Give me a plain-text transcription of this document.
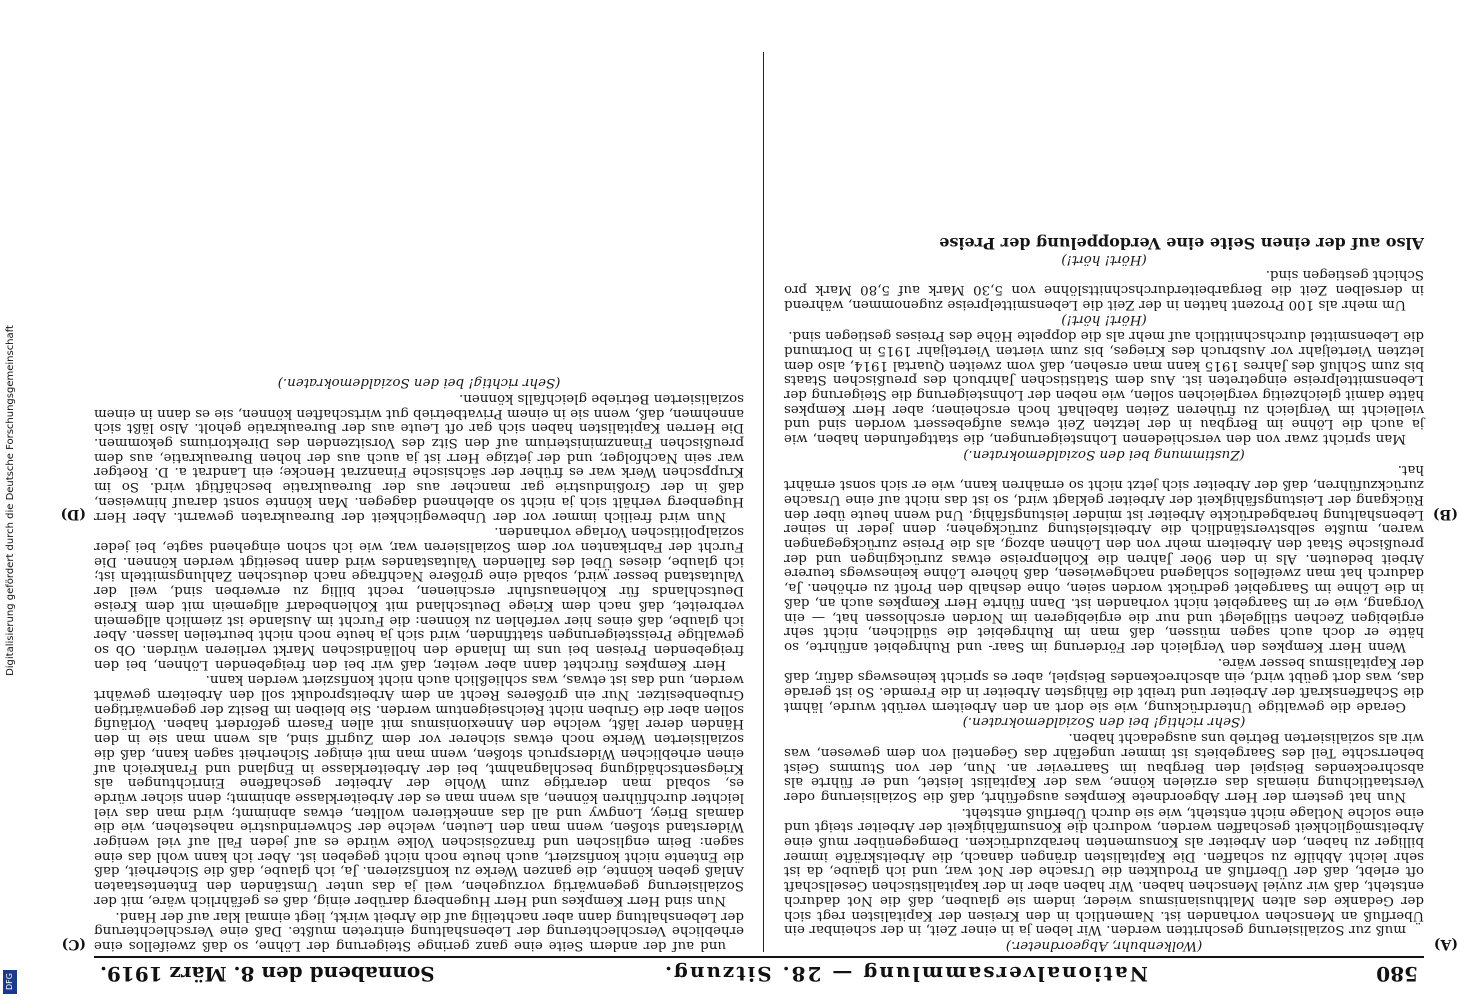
580
Nationalversammlung — 28. Sitzung.
Sonnabend den 8. März 1919.
(A)
(B)
(C)
(D)

(Wolkenbuhr, Abgeordneter.)

muß zur Sozialisierung geschritten werden. Wir leben ja in einer Zeit, in der scheinbar ein Überfluß an Menschen vorhanden ist. Namentlich in den Kreisen der Kapitalisten regt sich der Gedanke des alten Malthusianismus wieder, indem sie glauben, daß die Not dadurch entsteht, daß wir zuviel Menschen haben. Wir haben aber in der kapitalistischen Gesellschaft oft erlebt, daß der Überfluß an Produkten die Ursache der Not war, und ich glaube, da ist sehr leicht Abhilfe zu schaffen. Die Kapitalisten drängen danach, die Arbeitskräfte immer billiger zu haben, den Arbeiter als Konsumenten herabzudrücken. Demgegenüber muß eine Arbeitsmöglichkeit geschaffen werden, wodurch die Konsumfähigkeit der Arbeiter steigt und eine solche Notlage nicht entsteht, wie sie durch Überfluß entsteht.

Nun hat gestern der Herr Abgeordnete Kempkes ausgeführt, daß die Sozialisierung oder Verstaatlichung niemals das erzielen könne, was der Kapitalist leistet, und er führte als abschreckendes Beispiel den Bergbau im Saarrevier an. Nun, der von Stumms Geist beherrschte Teil des Saargebiets ist immer ungefähr das Gegenteil von dem gewesen, was wir als sozialisierten Betrieb uns ausgedacht haben.

(Sehr richtig! bei den Sozialdemokraten.)

Gerade die gewaltige Unterdrückung, wie sie dort an den Arbeitern verübt wurde, lähmt die Schaffenskraft der Arbeiter und treibt die fähigsten Arbeiter in die Fremde. So ist gerade das, was dort geübt wird, ein abschreckendes Beispiel, aber es spricht keineswegs dafür, daß der Kapitalismus besser wäre.

Wenn Herr Kempkes den Vergleich der Förderung im Saar- und Ruhrgebiet anführte, so hätte er doch auch sagen müssen, daß man im Ruhrgebiet die südlichen, nicht sehr ergiebigen Zechen stillgelegt und nur die ergiebigeren im Norden erschlossen hat, — ein Vorgang, wie er im Saargebiet nicht vorhanden ist. Dann führte Herr Kempkes auch an, daß in die Löhne im Saargebiet gedrückt worden seien, ohne deshalb den Profit zu erhöhen. Ja, dadurch hat man zweifellos schlagend nachgewiesen, daß höhere Löhne keineswegs teurere Arbeit bedeuten. Als in den 90er Jahren die Kohlenpreise etwas zurückgingen und der preußische Staat den Arbeitern mehr von den Löhnen abzog, als die Preise zurückgegangen waren, mußte selbstverständlich die Arbeitsleistung zurückgehen; denn jeder in seiner Lebenshaltung herabgedrückte Arbeiter ist minder leistungsfähig. Und wenn heute über den Rückgang der Leistungsfähigkeit der Arbeiter geklagt wird, so ist das nicht auf eine Ursache zurückzuführen, daß der Arbeiter sich jetzt nicht so ernähren kann, wie er sich sonst ernährt hat.

(Zustimmung bei den Sozialdemokraten.)

Man spricht zwar von den verschiedenen Lohnsteigerungen, die stattgefunden haben, wie ja auch die Löhne im Bergbau in der letzten Zeit etwas aufgebessert worden sind und vielleicht im Vergleich zu früheren Zeiten fabelhaft hoch erscheinen; aber Herr Kempkes hätte damit gleichzeitig vergleichen sollen, wie neben der Lohnsteigerung die Steigerung der Lebensmittelpreise eingetreten ist. Aus dem Statistischen Jahrbuch des preußischen Staats bis zum Schluß des Jahres 1915 kann man ersehen, daß vom zweiten Quartal 1914, also dem letzten Vierteljahr vor Ausbruch des Krieges, bis zum vierten Vierteljahr 1915 in Dortmund die Lebensmittel durchschnittlich auf mehr als die doppelte Höhe des Preises gestiegen sind.

(Hört! hört!)

Um mehr als 100 Prozent hatten in der Zeit die Lebensmittelpreise zugenommen, während in derselben Zeit die Bergarbeiterdurchschnittslöhne von 5,30 Mark auf 5,80 Mark pro Schicht gestiegen sind.

(Hört! hört!)

Also auf der einen Seite eine Verdoppelung der Preise

und auf der andern Seite eine ganz geringe Steigerung der Löhne, so daß zweifellos eine erhebliche Verschlechterung der Lebenshaltung eintreten mußte. Daß eine Verschlechterung der Lebenshaltung dann aber nachteilig auf die Arbeit wirkt, liegt einmal klar auf der Hand.

Nun sind Herr Kempkes und Herr Hugenberg darüber einig, daß es gefährlich wäre, mit der Sozialisierung gegenwärtig vorzugehen, weil ja das unter Umständen den Ententestaaten Anlaß geben könnte, die ganzen Werke zu konfiszieren. Ja, ich glaube, daß die Sicherheit, daß die Entente nicht konfisziert, auch heute noch nicht gegeben ist. Aber ich kann wohl das eine sagen: Beim englischen und französischen Volke würde es auf jeden Fall auf viel weniger Widerstand stoßen, wenn man den Leuten, welche der Schwerindustrie nahestehen, wie die damals Briey, Longwy und all das annektieren wollten, etwas abnimmt; wird man das viel leichter durchführen können, als wenn man es der Arbeiterklasse abnimmt; denn sicher würde es, sobald man derartige zum Wohle der Arbeiter geschaffene Einrichtungen als Kriegsentschädigung beschlagnahmt, bei der Arbeiterklasse in England und Frankreich auf einen erheblichen Widerspruch stoßen, wenn man mit einiger Sicherheit sagen kann, daß die sozialisierten Werke noch etwas sicherer vor dem Zugriff sind, als wenn man sie in den Händen derer läßt, welche den Annexionismus mit allen Fasern gefördert haben. Vorläufig sollen aber die Gruben nicht Reichseigentum werden. Sie bleiben im Besitz der gegenwärtigen Grubenbesitzer. Nur ein größeres Recht an dem Arbeitsprodukt soll den Arbeitern gewährt werden, und das ist etwas, was schließlich auch nicht konfisziert werden kann.

Herr Kempkes fürchtet dann aber weiter, daß wir bei den freigebenden Löhnen, bei den freigebenden Preisen bei uns im Inlande den holländischen Markt verlieren würden. Ob so gewaltige Preissteigerungen stattfinden, wird sich ja heute noch nicht beurteilen lassen. Aber ich glaube, daß eines hier verfehlen zu können: die Furcht im Auslande ist ziemlich allgemein verbreitet, daß nach dem Kriege Deutschland mit Kohlenbedarf allgemein mit dem Kreise Deutschlands für Kohlenausfuhr erschienen, recht billig zu erwerben sind, weil der Valutastand besser wird, sobald eine größere Nachfrage nach deutschen Zahlungsmitteln ist; ich glaube, dieses Übel des fallenden Valutastandes wird dann beseitigt werden können. Die Furcht der Fabrikanten vor dem Sozialisieren war, wie ich schon eingehend sagte, bei jeder sozialpolitischen Vorlage vorhanden.

Nun wird freilich immer vor der Unbeweglichkeit der Bureaukraten gewarnt. Aber Herr Hugenberg verhält sich ja nicht so ablehnend dagegen. Man könnte sonst darauf hinweisen, daß in der Großindustrie gar mancher aus der Bureaukratie beschäftigt wird. So im Kruppschen Werk war es früher der sächsische Finanzrat Hencke; ein Landrat a. D. Roetger war sein Nachfolger, und der jetzige Herr ist ja auch aus der hohen Bureaukratie, aus dem preußischen Finanzministerium auf den Sitz des Vorsitzenden des Direktoriums gekommen. Die Herren Kapitalisten haben sich gar oft Leute aus der Bureaukratie geholt. Also läßt sich annehmen, daß, wenn sie in einem Privatbetrieb gut wirtschaften können, sie es dann in einem sozialisierten Betriebe gleichfalls können.

(Sehr richtig! bei den Sozialdemokraten.)

Digitalisierung gefördert durch die Deutsche Forschungsgemeinschaft
DFG
